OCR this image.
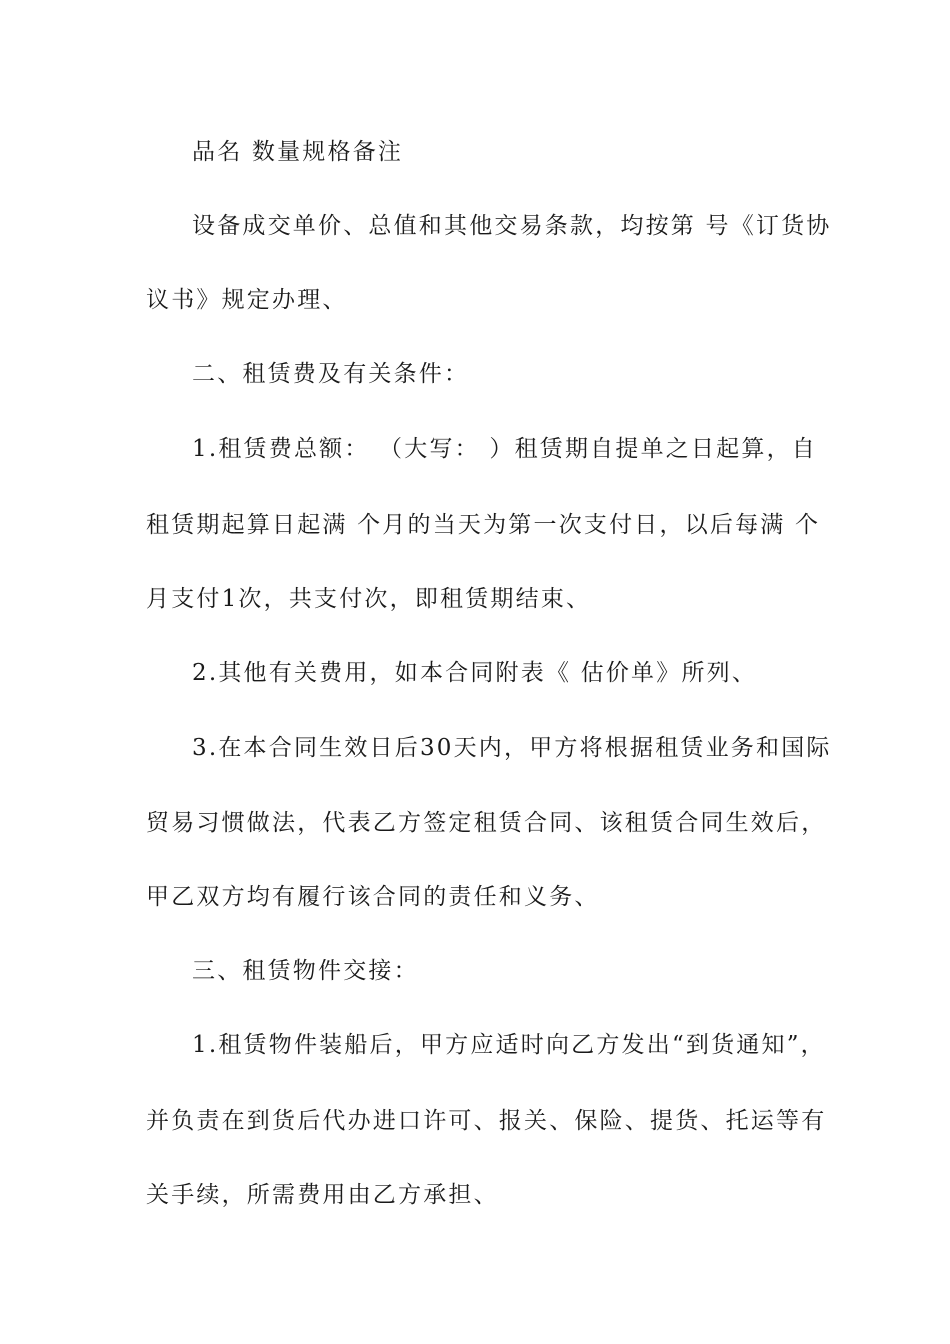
品名 数量规格备注
设备成交单价、总值和其他交易条款，均按第 号《订货协
议书》规定办理、
二、租赁费及有关条件：
1.租赁费总额： （大写： ）租赁期自提单之日起算，自
租赁期起算日起满 个月的当天为第一次支付日，以后每满 个
月支付1次，共支付次，即租赁期结束、
2.其他有关费用，如本合同附表《 估价单》所列、
3.在本合同生效日后30天内，甲方将根据租赁业务和国际
贸易习惯做法，代表乙方签定租赁合同、该租赁合同生效后，
甲乙双方均有履行该合同的责任和义务、
三、租赁物件交接：
1.租赁物件装船后，甲方应适时向乙方发出“到货通知”，
并负责在到货后代办进口许可、报关、保险、提货、托运等有
关手续，所需费用由乙方承担、
